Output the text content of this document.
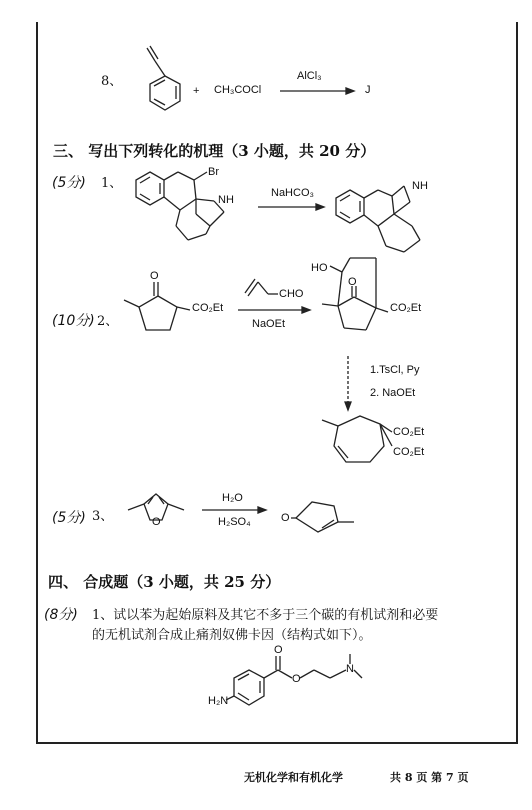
8、
+ CH₃COCl
AlCl₃
J
三、 写出下列转化的机理（3 小题，共 20 分）
(5分) 1、
Br
NH
NaHCO₃
NH
(10分) 2、
O
CO₂Et
CHO
NaOEt
HO
O
CO₂Et
1.TsCl, Py
2. NaOEt
CO₂Et
CO₂Et
(5分) 3、	O
H₂O
H₂SO₄	O
四、 合成题（3 小题，共 25 分）
(8分) 1、试以苯为起始原料及其它不多于三个碳的有机试剂和必要
的无机试剂合成止痛剂奴佛卡因（结构式如下）。
H₂N
O
O
N
无机化学和有机化学	共 8 页 第 7 页
